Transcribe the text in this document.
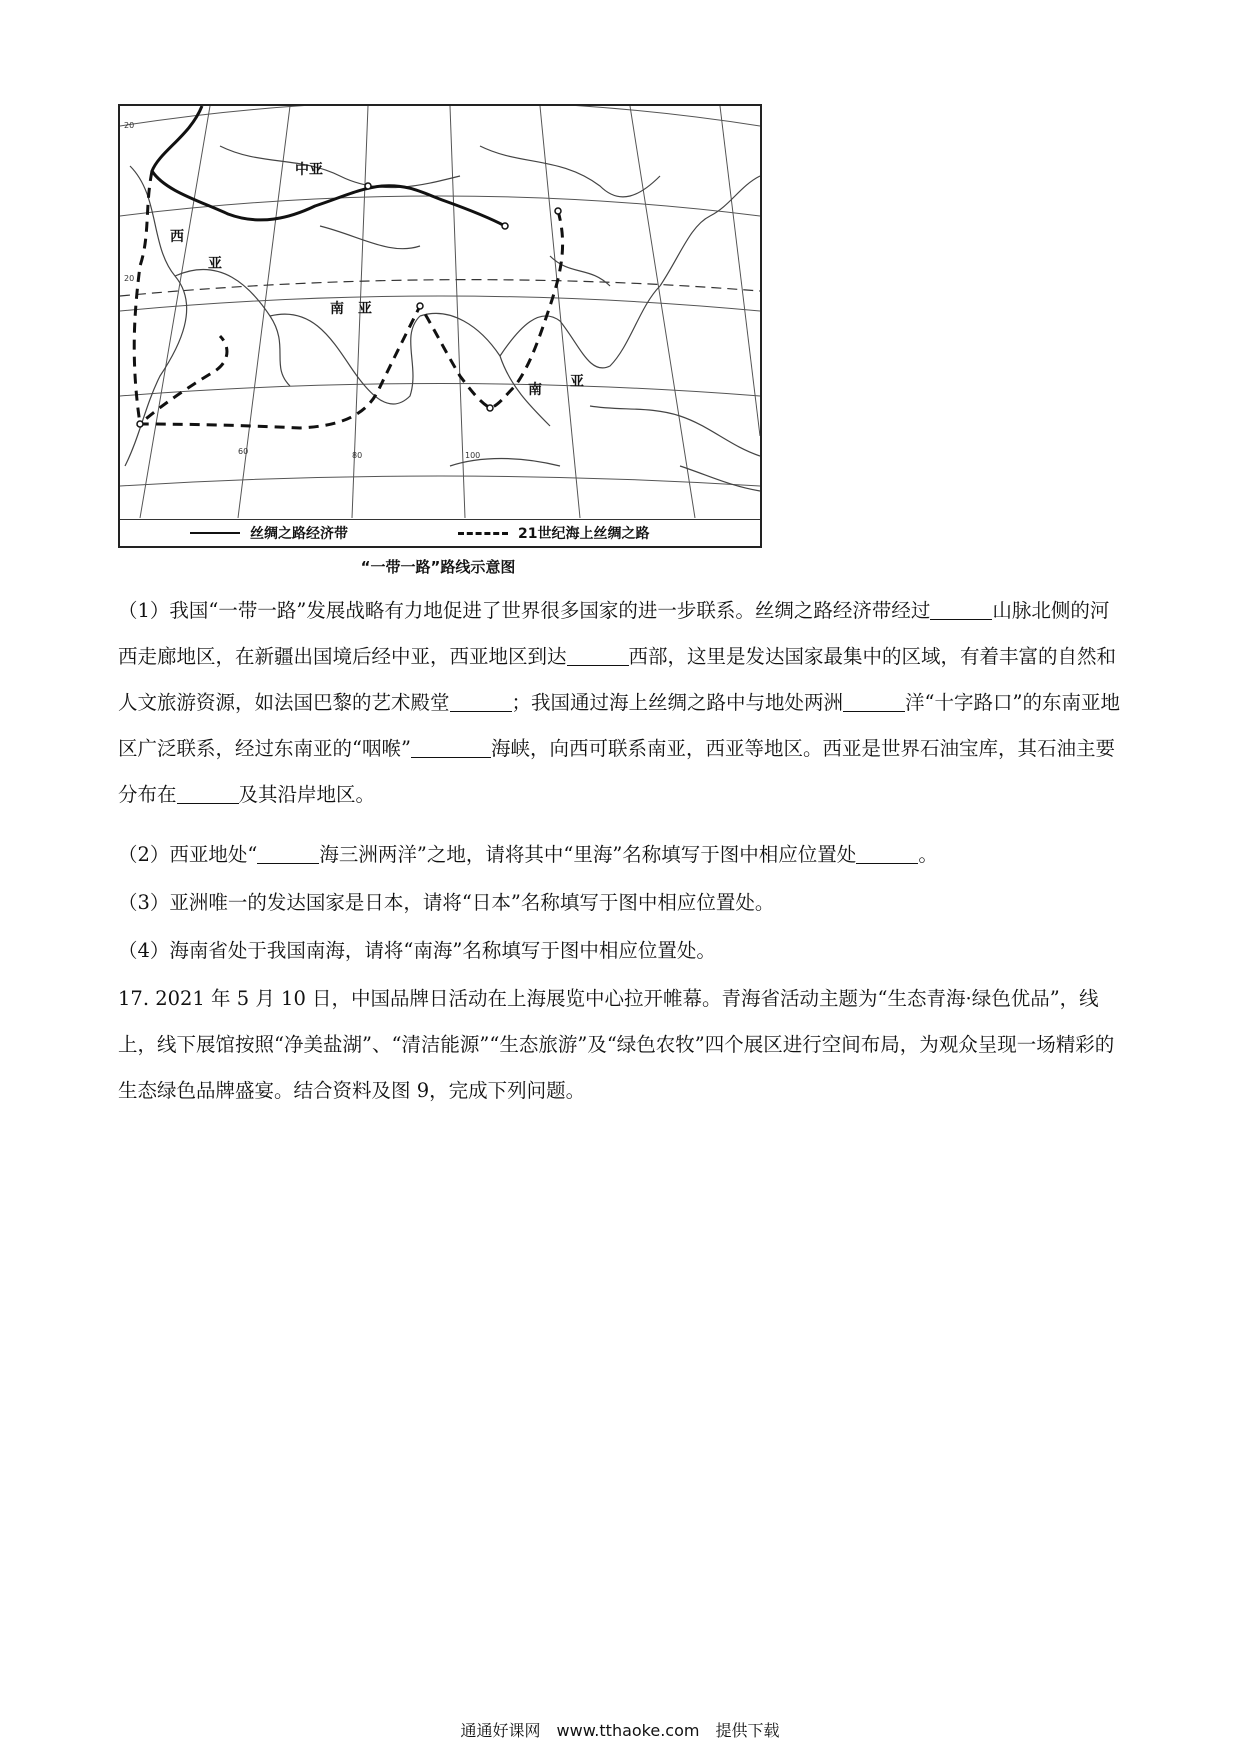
中亚
西
亚
南　亚
南 亚
20
20
60	80	100
丝绸之路经济带	21世纪海上丝绸之路
“一带一路”路线示意图

（1）我国“一带一路”发展战略有力地促进了世界很多国家的进一步联系。丝绸之路经济带经过	山脉北侧的河西走廊地区，在新疆出国境后经中亚，西亚地区到达	西部，这里是发达国家最集中的区域，有着丰富的自然和人文旅游资源，如法国巴黎的艺术殿堂	；我国通过海上丝绸之路中与地处两洲	洋“十字路口”的东南亚地区广泛联系，经过东南亚的“咽喉”	海峡，向西可联系南亚，西亚等地区。西亚是世界石油宝库，其石油主要分布在	及其沿岸地区。

（2）西亚地处“	海三洲两洋”之地，请将其中“里海”名称填写于图中相应位置处	。

（3）亚洲唯一的发达国家是日本，请将“日本”名称填写于图中相应位置处。

（4）海南省处于我国南海，请将“南海”名称填写于图中相应位置处。

17. 2021 年 5 月 10 日，中国品牌日活动在上海展览中心拉开帷幕。青海省活动主题为“生态青海·绿色优品”，线上，线下展馆按照“净美盐湖”、“清洁能源”“生态旅游”及“绿色农牧”四个展区进行空间布局，为观众呈现一场精彩的生态绿色品牌盛宴。结合资料及图 9，完成下列问题。

通通好课网　www.tthaoke.com　提供下载
